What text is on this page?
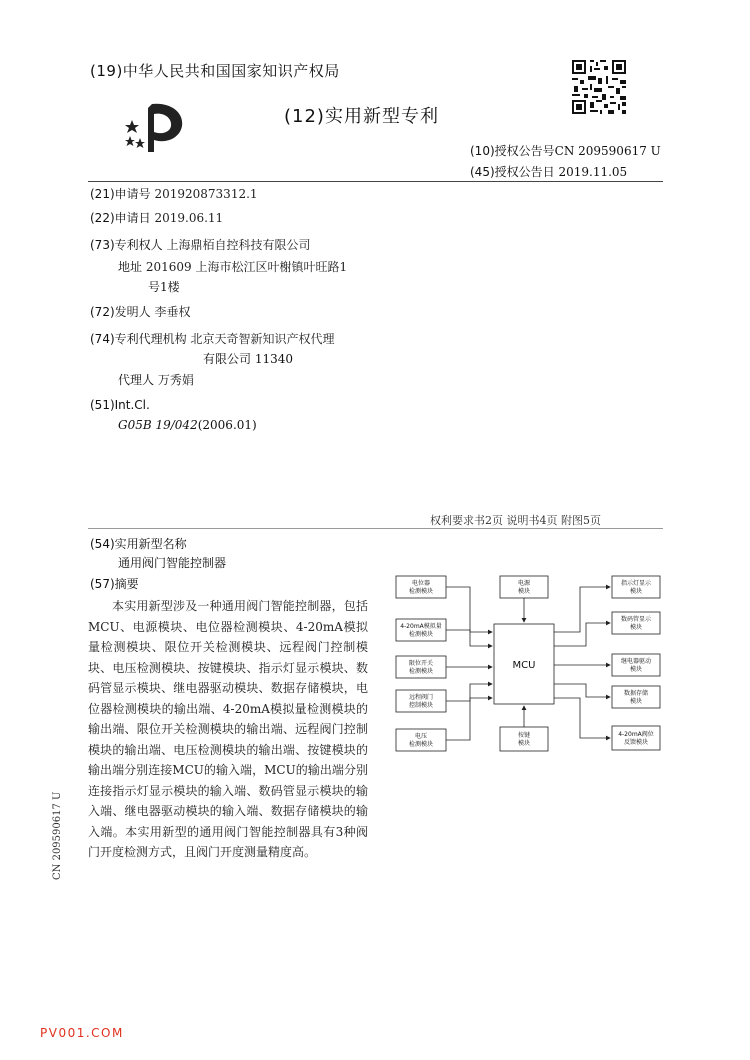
(19)中华人民共和国国家知识产权局
(12)实用新型专利
(10)授权公告号CN 209590617 U
(45)授权公告日 2019.11.05
(21)申请号 201920873312.1
(22)申请日 2019.06.11
(73)专利权人 上海鼎栢自控科技有限公司
地址 201609 上海市松江区叶榭镇叶旺路1
号1楼
(72)发明人 李垂权
(74)专利代理机构 北京天奇智新知识产权代理
有限公司 11340
代理人 万秀娟
(51)Int.Cl.
G05B 19/042(2006.01)
权利要求书2页 说明书4页 附图5页
(54)实用新型名称
通用阀门智能控制器
(57)摘要
本实用新型涉及一种通用阀门智能控制器，包括MCU、电源模块、电位器检测模块、4-20mA模拟量检测模块、限位开关检测模块、远程阀门控制模块、电压检测模块、按键模块、指示灯显示模块、数码管显示模块、继电器驱动模块、数据存储模块，电位器检测模块的输出端、4-20mA模拟量检测模块的输出端、限位开关检测模块的输出端、远程阀门控制模块的输出端、电压检测模块的输出端、按键模块的输出端分别连接MCU的输入端，MCU的输出端分别连接指示灯显示模块的输入端、数码管显示模块的输入端、继电器驱动模块的输入端、数据存储模块的输入端。本实用新型的通用阀门智能控制器具有3种阀门开度检测方式，且阀门开度测量精度高。
MCU
电位器
检测模块
4-20mA模拟量
检测模块
限位开关
检测模块
远程阀门
控制模块
电压
检测模块
电源
模块
按键
模块
指示灯显示
模块
数码管显示
模块
继电器驱动
模块
数据存储
模块
4-20mA阀位
反馈模块
CN 209590617 U
PV001.COM
